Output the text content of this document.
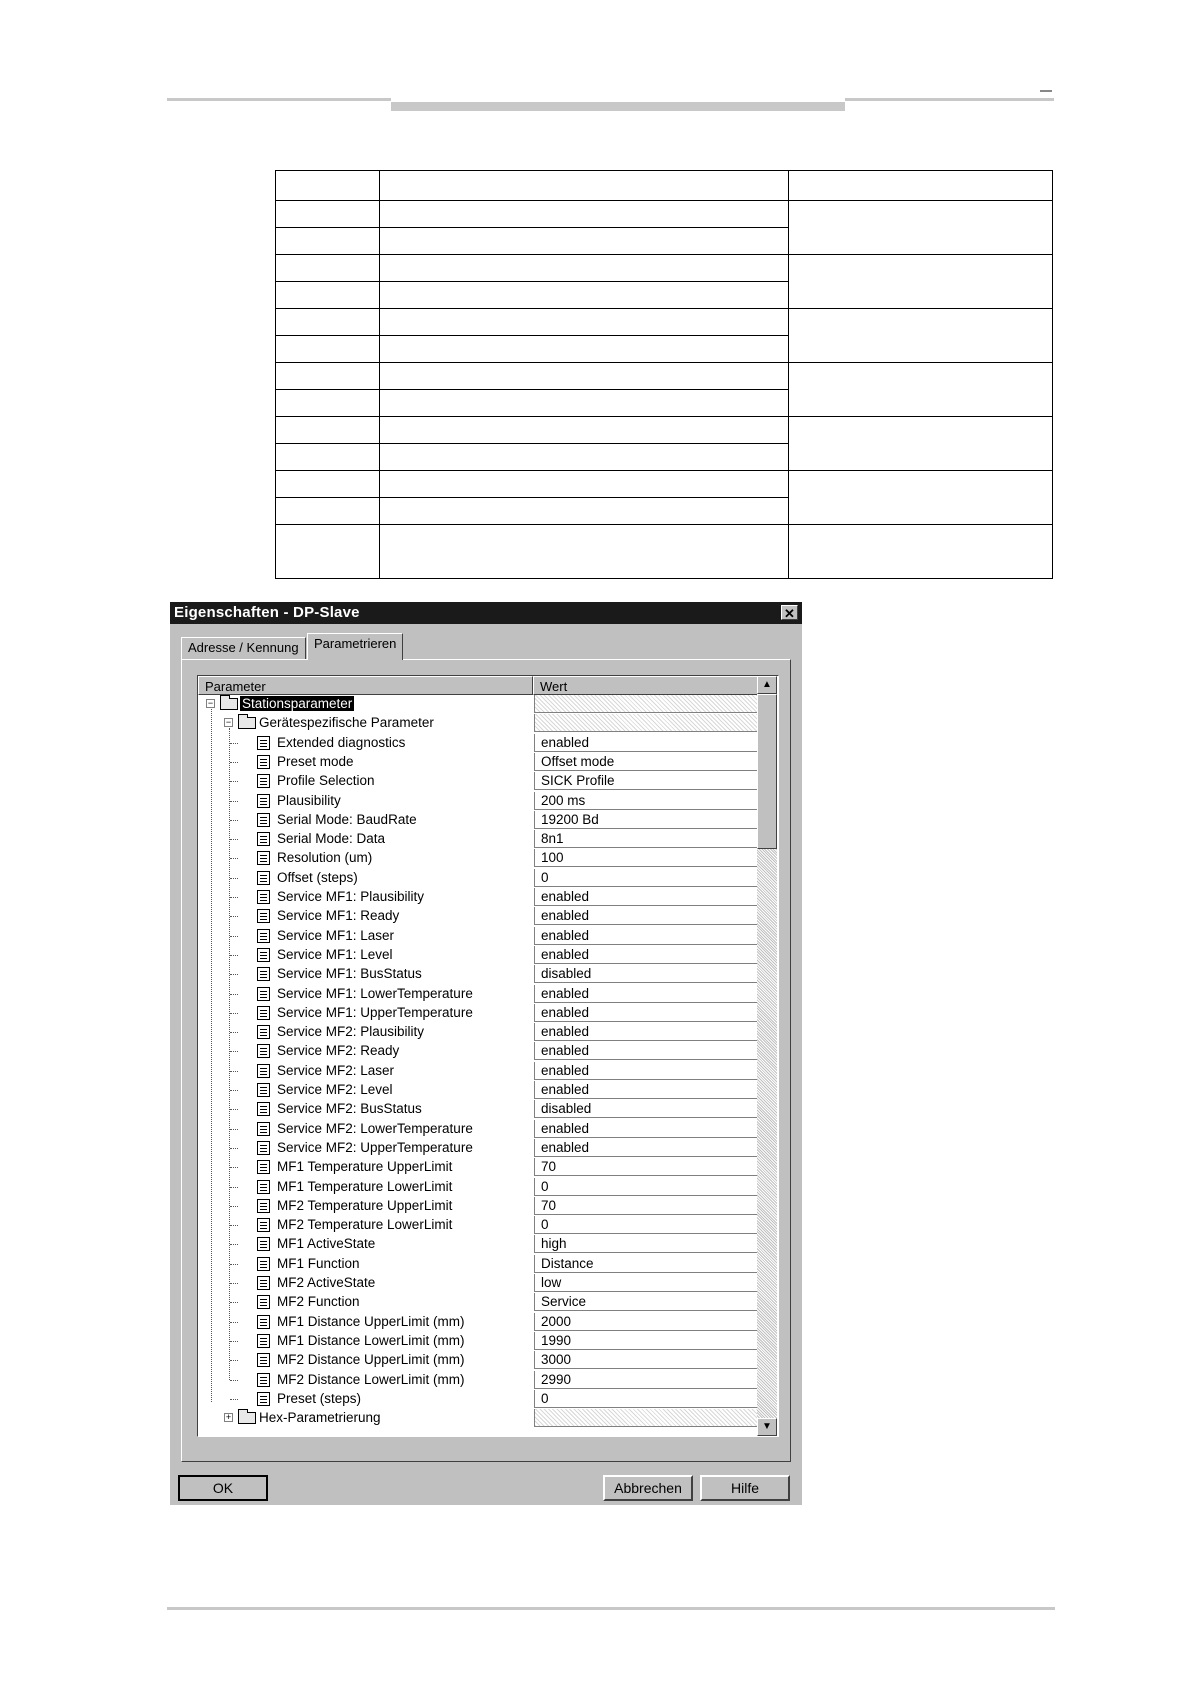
Eigenschaften - DP-Slave	✕
Adresse / Kennung	Parametrieren
OK	Abbrechen	Hilfe
Parameter	Wert
− Stationsparameter
− Gerätespezifische Parameter
Extended diagnostics	enabled
Preset mode	Offset mode
Profile Selection	SICK Profile
Plausibility	200 ms
Serial Mode: BaudRate	19200 Bd
Serial Mode: Data	8n1
Resolution (um)	100
Offset (steps)	0
Service MF1: Plausibility	enabled
Service MF1: Ready	enabled
Service MF1: Laser	enabled
Service MF1: Level	enabled
Service MF1: BusStatus	disabled
Service MF1: LowerTemperature	enabled
Service MF1: UpperTemperature	enabled
Service MF2: Plausibility	enabled
Service MF2: Ready	enabled
Service MF2: Laser	enabled
Service MF2: Level	enabled
Service MF2: BusStatus	disabled
Service MF2: LowerTemperature	enabled
Service MF2: UpperTemperature	enabled
MF1 Temperature UpperLimit	70
MF1 Temperature LowerLimit	0
MF2 Temperature UpperLimit	70
MF2 Temperature LowerLimit	0
MF1 ActiveState	high
MF1 Function	Distance
MF2 ActiveState	low
MF2 Function	Service
MF1 Distance UpperLimit (mm)	2000
MF1 Distance LowerLimit (mm)	1990
MF2 Distance UpperLimit (mm)	3000
MF2 Distance LowerLimit (mm)	2990
Preset (steps)	0
+ Hex-Parametrierung
▲
▼
